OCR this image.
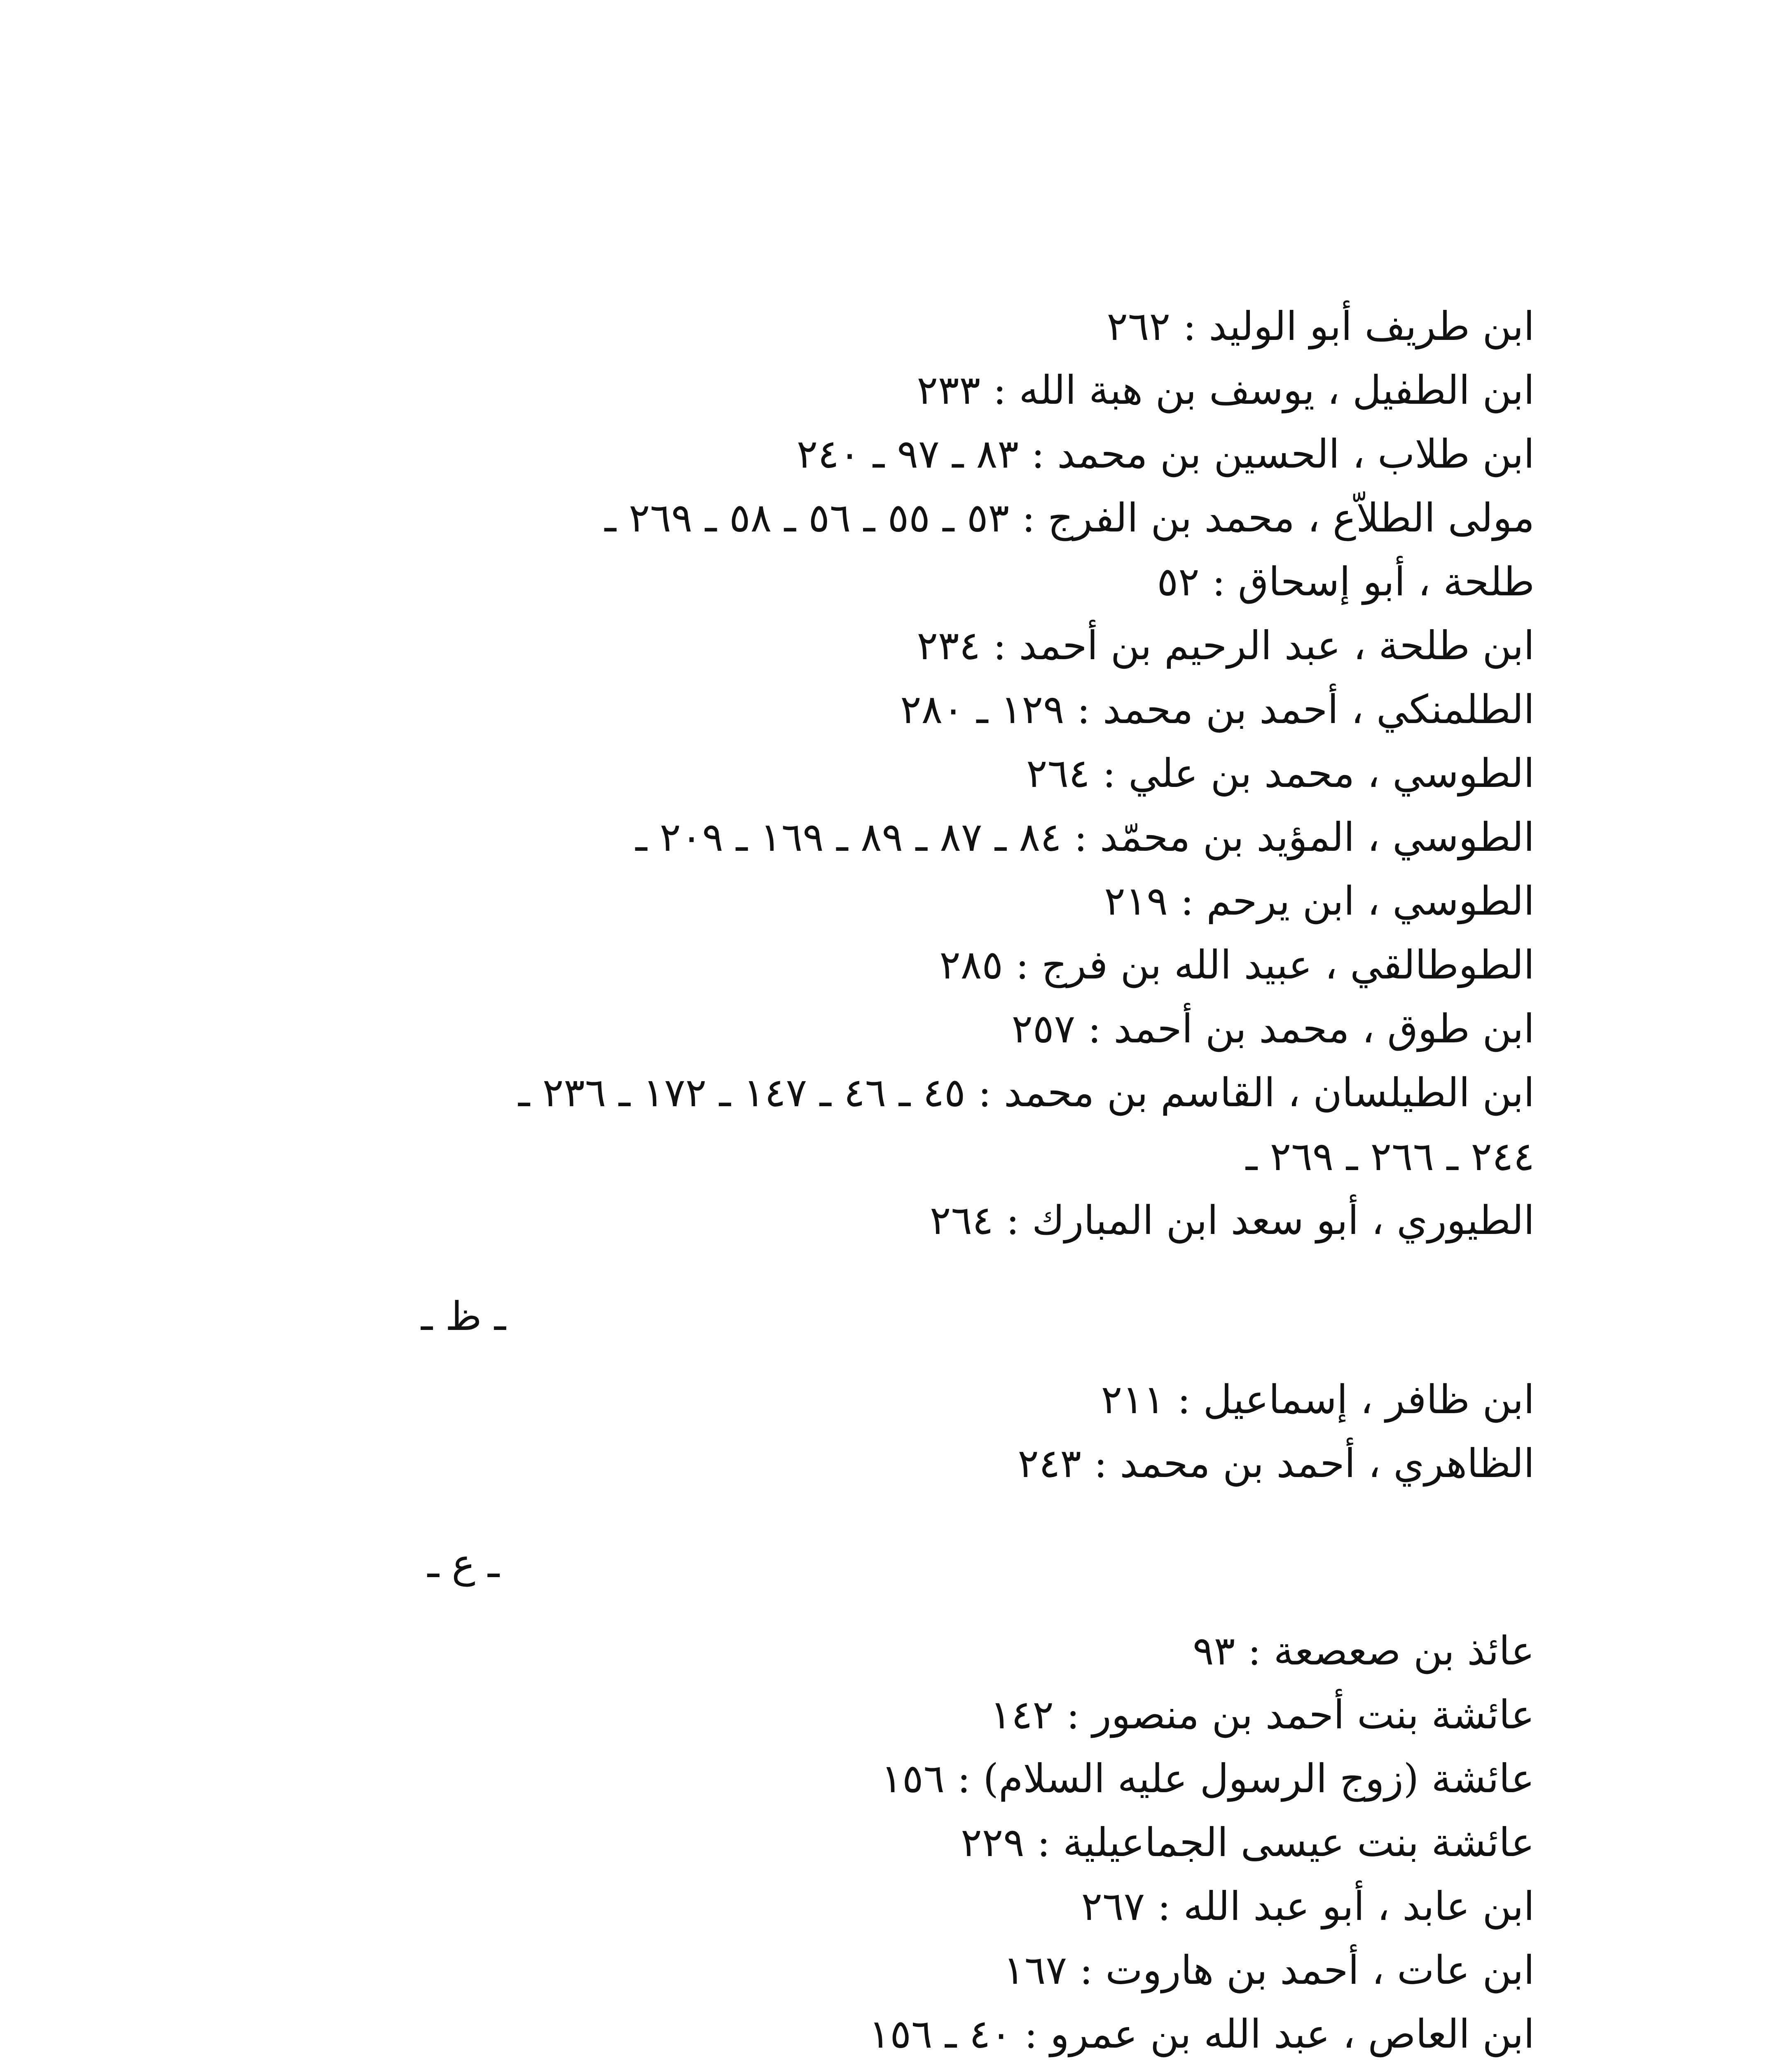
ابن طريف أبو الوليد : ٢٦٢
ابن الطفيل ، يوسف بن هبة الله : ٢٣٣
ابن طلاب ، الحسين بن محمد : ٨٣ ـ ٩٧ ـ ٢٤٠
مولى الطلاّع ، محمد بن الفرج : ٥٣ ـ ٥٥ ـ ٥٦ ـ ٥٨ ـ ٢٦٩ ـ
طلحة ، أبو إسحاق : ٥٢
ابن طلحة ، عبد الرحيم بن أحمد : ٢٣٤
الطلمنكي ، أحمد بن محمد : ١٢٩ ـ ٢٨٠
الطوسي ، محمد بن علي : ٢٦٤
الطوسي ، المؤيد بن محمّد : ٨٤ ـ ٨٧ ـ ٨٩ ـ ١٦٩ ـ ٢٠٩ ـ
الطوسي ، ابن يرحم : ٢١٩
الطوطالقي ، عبيد الله بن فرج : ٢٨٥
ابن طوق ، محمد بن أحمد : ٢٥٧
ابن الطيلسان ، القاسم بن محمد : ٤٥ ـ ٤٦ ـ ١٤٧ ـ ١٧٢ ـ ٢٣٦ ـ
٢٤٤ ـ ٢٦٦ ـ ٢٦٩ ـ
الطيوري ، أبو سعد ابن المبارك : ٢٦٤
ـ ظ ـ
ابن ظافر ، إسماعيل : ٢١١
الظاهري ، أحمد بن محمد : ٢٤٣
ـ ع ـ
عائذ بن صعصعة : ٩٣
عائشة بنت أحمد بن منصور : ١٤٢
عائشة (زوج الرسول عليه السلام) : ١٥٦
عائشة بنت عيسى الجماعيلية : ٢٢٩
ابن عابد ، أبو عبد الله : ٢٦٧
ابن عات ، أحمد بن هاروت : ١٦٧
ابن العاص ، عبد الله بن عمرو : ٤٠ ـ ١٥٦
